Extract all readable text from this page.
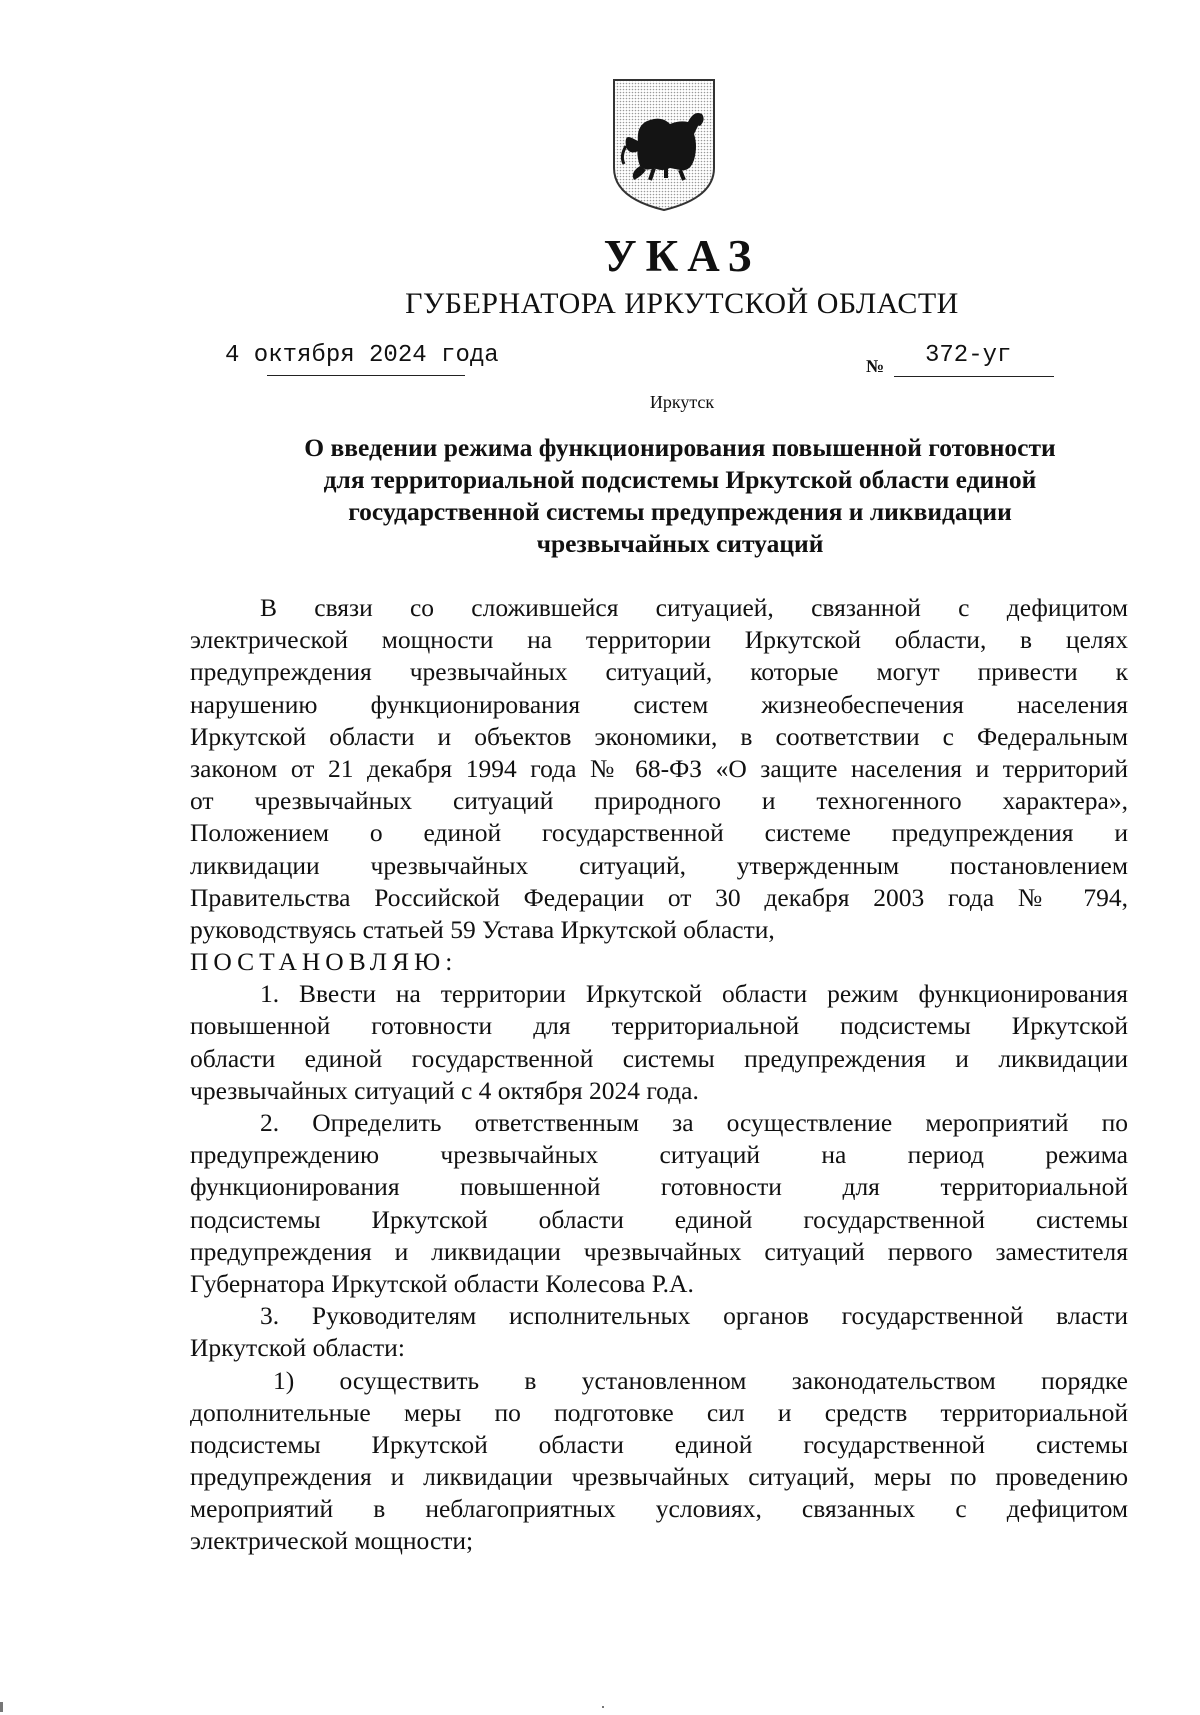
УКАЗ
ГУБЕРНАТОРА ИРКУТСКОЙ ОБЛАСТИ
4 октября 2024 года	№ 372-уг
Иркутск
О введении режима функционирования повышенной готовности
для территориальной подсистемы Иркутской области единой
государственной системы предупреждения и ликвидации
чрезвычайных ситуаций
В связи со сложившейся ситуацией, связанной с дефицитом
электрической мощности на территории Иркутской области, в целях
предупреждения чрезвычайных ситуаций, которые могут привести к
нарушению функционирования систем жизнеобеспечения населения
Иркутской области и объектов экономики, в соответствии с Федеральным
законом от 21 декабря 1994 года № 68-ФЗ «О защите населения и территорий
от чрезвычайных ситуаций природного и техногенного характера»,
Положением о единой государственной системе предупреждения и
ликвидации чрезвычайных ситуаций, утвержденным постановлением
Правительства Российской Федерации от 30 декабря 2003 года № 794,
руководствуясь статьей 59 Устава Иркутской области,
ПОСТАНОВЛЯЮ:
1. Ввести на территории Иркутской области режим функционирования
повышенной готовности для территориальной подсистемы Иркутской
области единой государственной системы предупреждения и ликвидации
чрезвычайных ситуаций с 4 октября 2024 года.
2. Определить ответственным за осуществление мероприятий по
предупреждению чрезвычайных ситуаций на период режима
функционирования повышенной готовности для территориальной
подсистемы Иркутской области единой государственной системы
предупреждения и ликвидации чрезвычайных ситуаций первого заместителя
Губернатора Иркутской области Колесова Р.А.
3. Руководителям исполнительных органов государственной власти
Иркутской области:
1) осуществить в установленном законодательством порядке
дополнительные меры по подготовке сил и средств территориальной
подсистемы Иркутской области единой государственной системы
предупреждения и ликвидации чрезвычайных ситуаций, меры по проведению
мероприятий в неблагоприятных условиях, связанных с дефицитом
электрической мощности;
